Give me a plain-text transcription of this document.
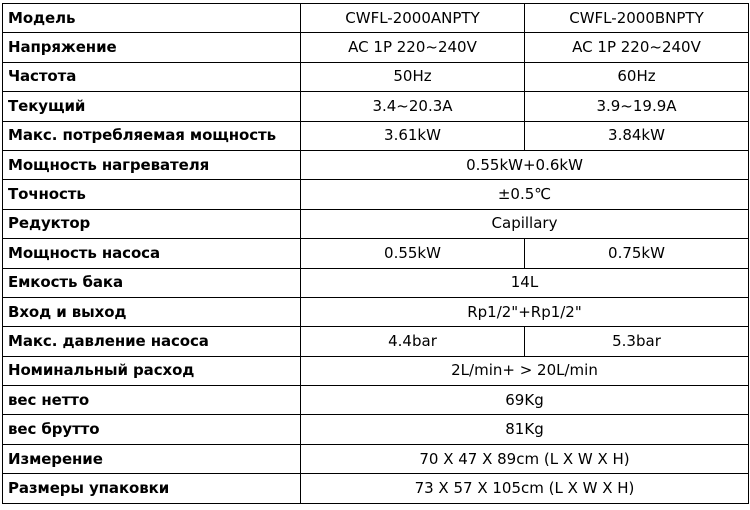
Модель	CWFL-2000ANPTY	CWFL-2000BNPTY
Напряжение	AC 1P 220~240V	AC 1P 220~240V
Частота	50Hz	60Hz
Текущий	3.4~20.3A	3.9~19.9A
Макс. потребляемая мощность	3.61kW	3.84kW
Мощность нагревателя	0.55kW+0.6kW	
Точность	±0.5℃	
Редуктор	Capillary	
Мощность насоса	0.55kW	0.75kW
Емкость бака	14L	
Вход и выход	Rp1/2"+Rp1/2"	
Макс. давление насоса	4.4bar	5.3bar
Номинальный расход	2L/min+ > 20L/min	
вес нетто	69Kg	
вес брутто	81Kg	
Измерение	70 X 47 X 89cm (L X W X H)	
Размеры упаковки	73 X 57 X 105cm (L X W X H)	
